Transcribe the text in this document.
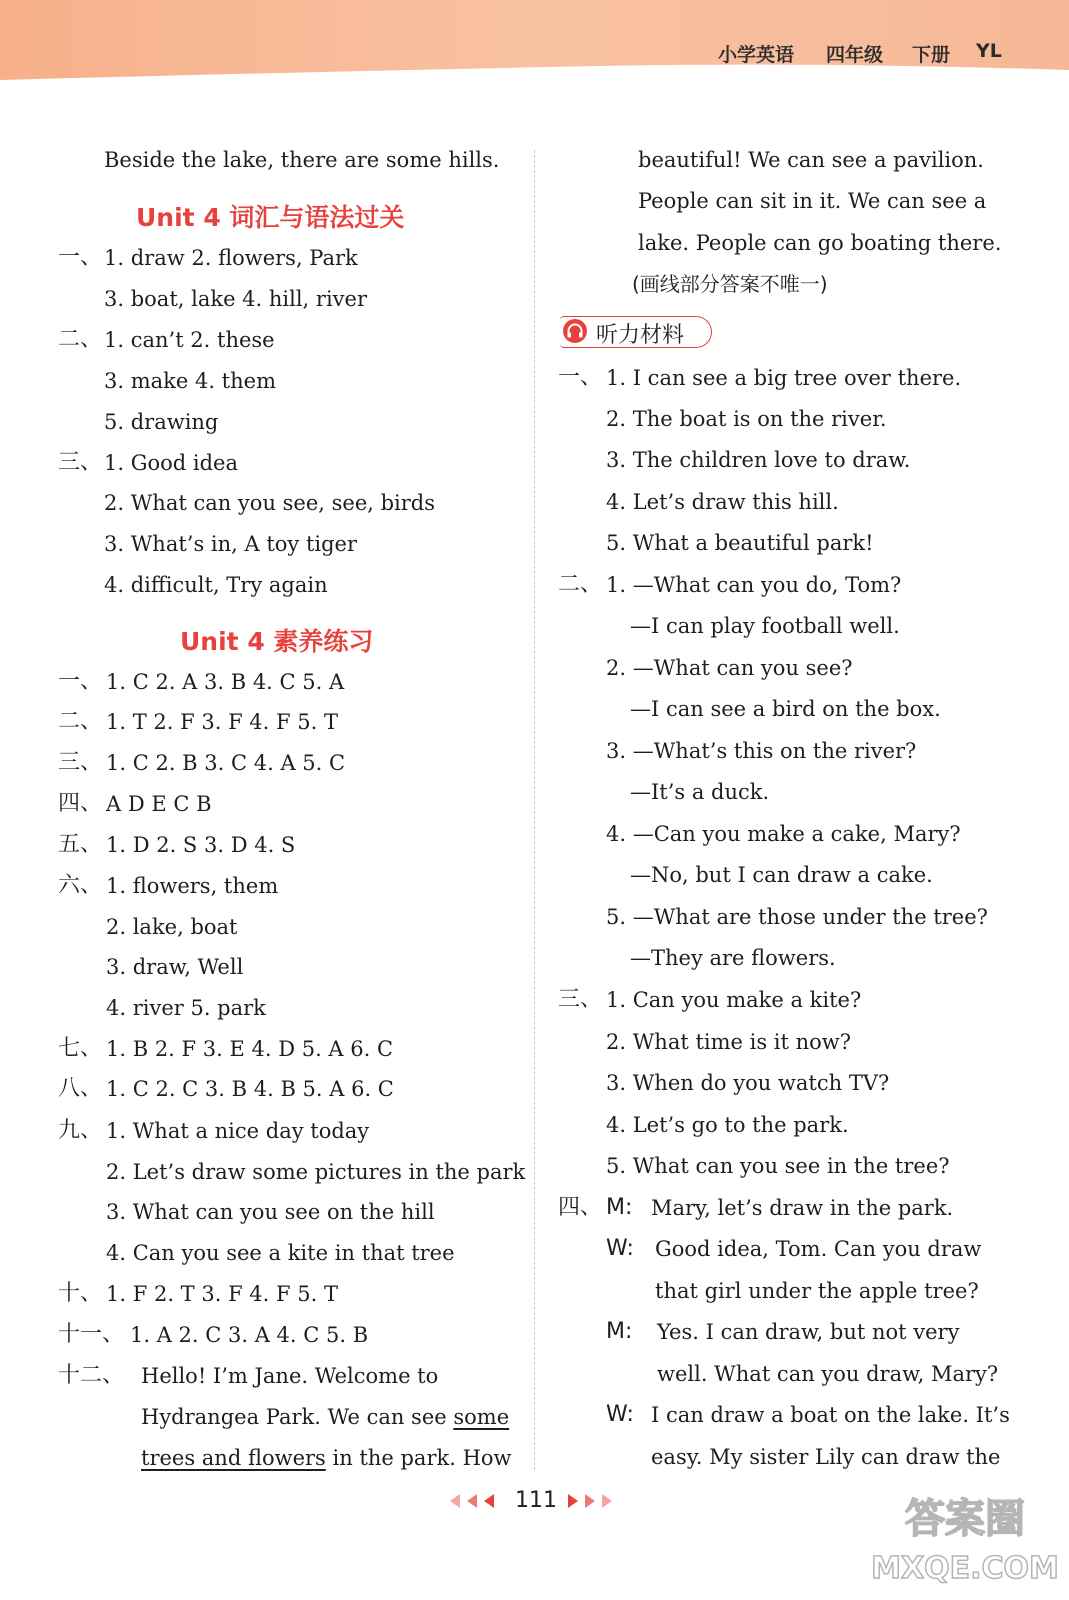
小学英语 四年级 下册 YL
Beside the lake, there are some hills.
Unit 4 词汇与语法过关
一、 1. draw 2. flowers, Park
3. boat, lake 4. hill, river
二、 1. can’t 2. these
3. make 4. them
5. drawing
三、 1. Good idea
2. What can you see, see, birds
3. What’s in, A toy tiger
4. difficult, Try again
Unit 4 素养练习
一、 1. C 2. A 3. B 4. C 5. A
二、 1. T 2. F 3. F 4. F 5. T
三、 1. C 2. B 3. C 4. A 5. C
四、 A D E C B
五、 1. D 2. S 3. D 4. S
六、 1. flowers, them
2. lake, boat
3. draw, Well
4. river 5. park
七、 1. B 2. F 3. E 4. D 5. A 6. C
八、 1. C 2. C 3. B 4. B 5. A 6. C
九、 1. What a nice day today
2. Let’s draw some pictures in the park
3. What can you see on the hill
4. Can you see a kite in that tree
十、 1. F 2. T 3. F 4. F 5. T
十一、 1. A 2. C 3. A 4. C 5. B
十二、 Hello! I’m Jane. Welcome to
Hydrangea Park. We can see some
trees and flowers in the park. How
beautiful! We can see a pavilion.
People can sit in it. We can see a
lake. People can go boating there.
(画线部分答案不唯一)
听力材料
一、 1. I can see a big tree over there.
2. The boat is on the river.
3. The children love to draw.
4. Let’s draw this hill.
5. What a beautiful park!
二、 1. —What can you do, Tom?
—I can play football well.
2. —What can you see?
—I can see a bird on the box.
3. —What’s this on the river?
—It’s a duck.
4. —Can you make a cake, Mary?
—No, but I can draw a cake.
5. —What are those under the tree?
—They are flowers.
三、 1. Can you make a kite?
2. What time is it now?
3. When do you watch TV?
4. Let’s go to the park.
5. What can you see in the tree?
四、 M: Mary, let’s draw in the park.
W: Good idea, Tom. Can you draw
that girl under the apple tree?
M: Yes. I can draw, but not very
well. What can you draw, Mary?
W: I can draw a boat on the lake. It’s
easy. My sister Lily can draw the
111	答案圈
MXQE.COM
